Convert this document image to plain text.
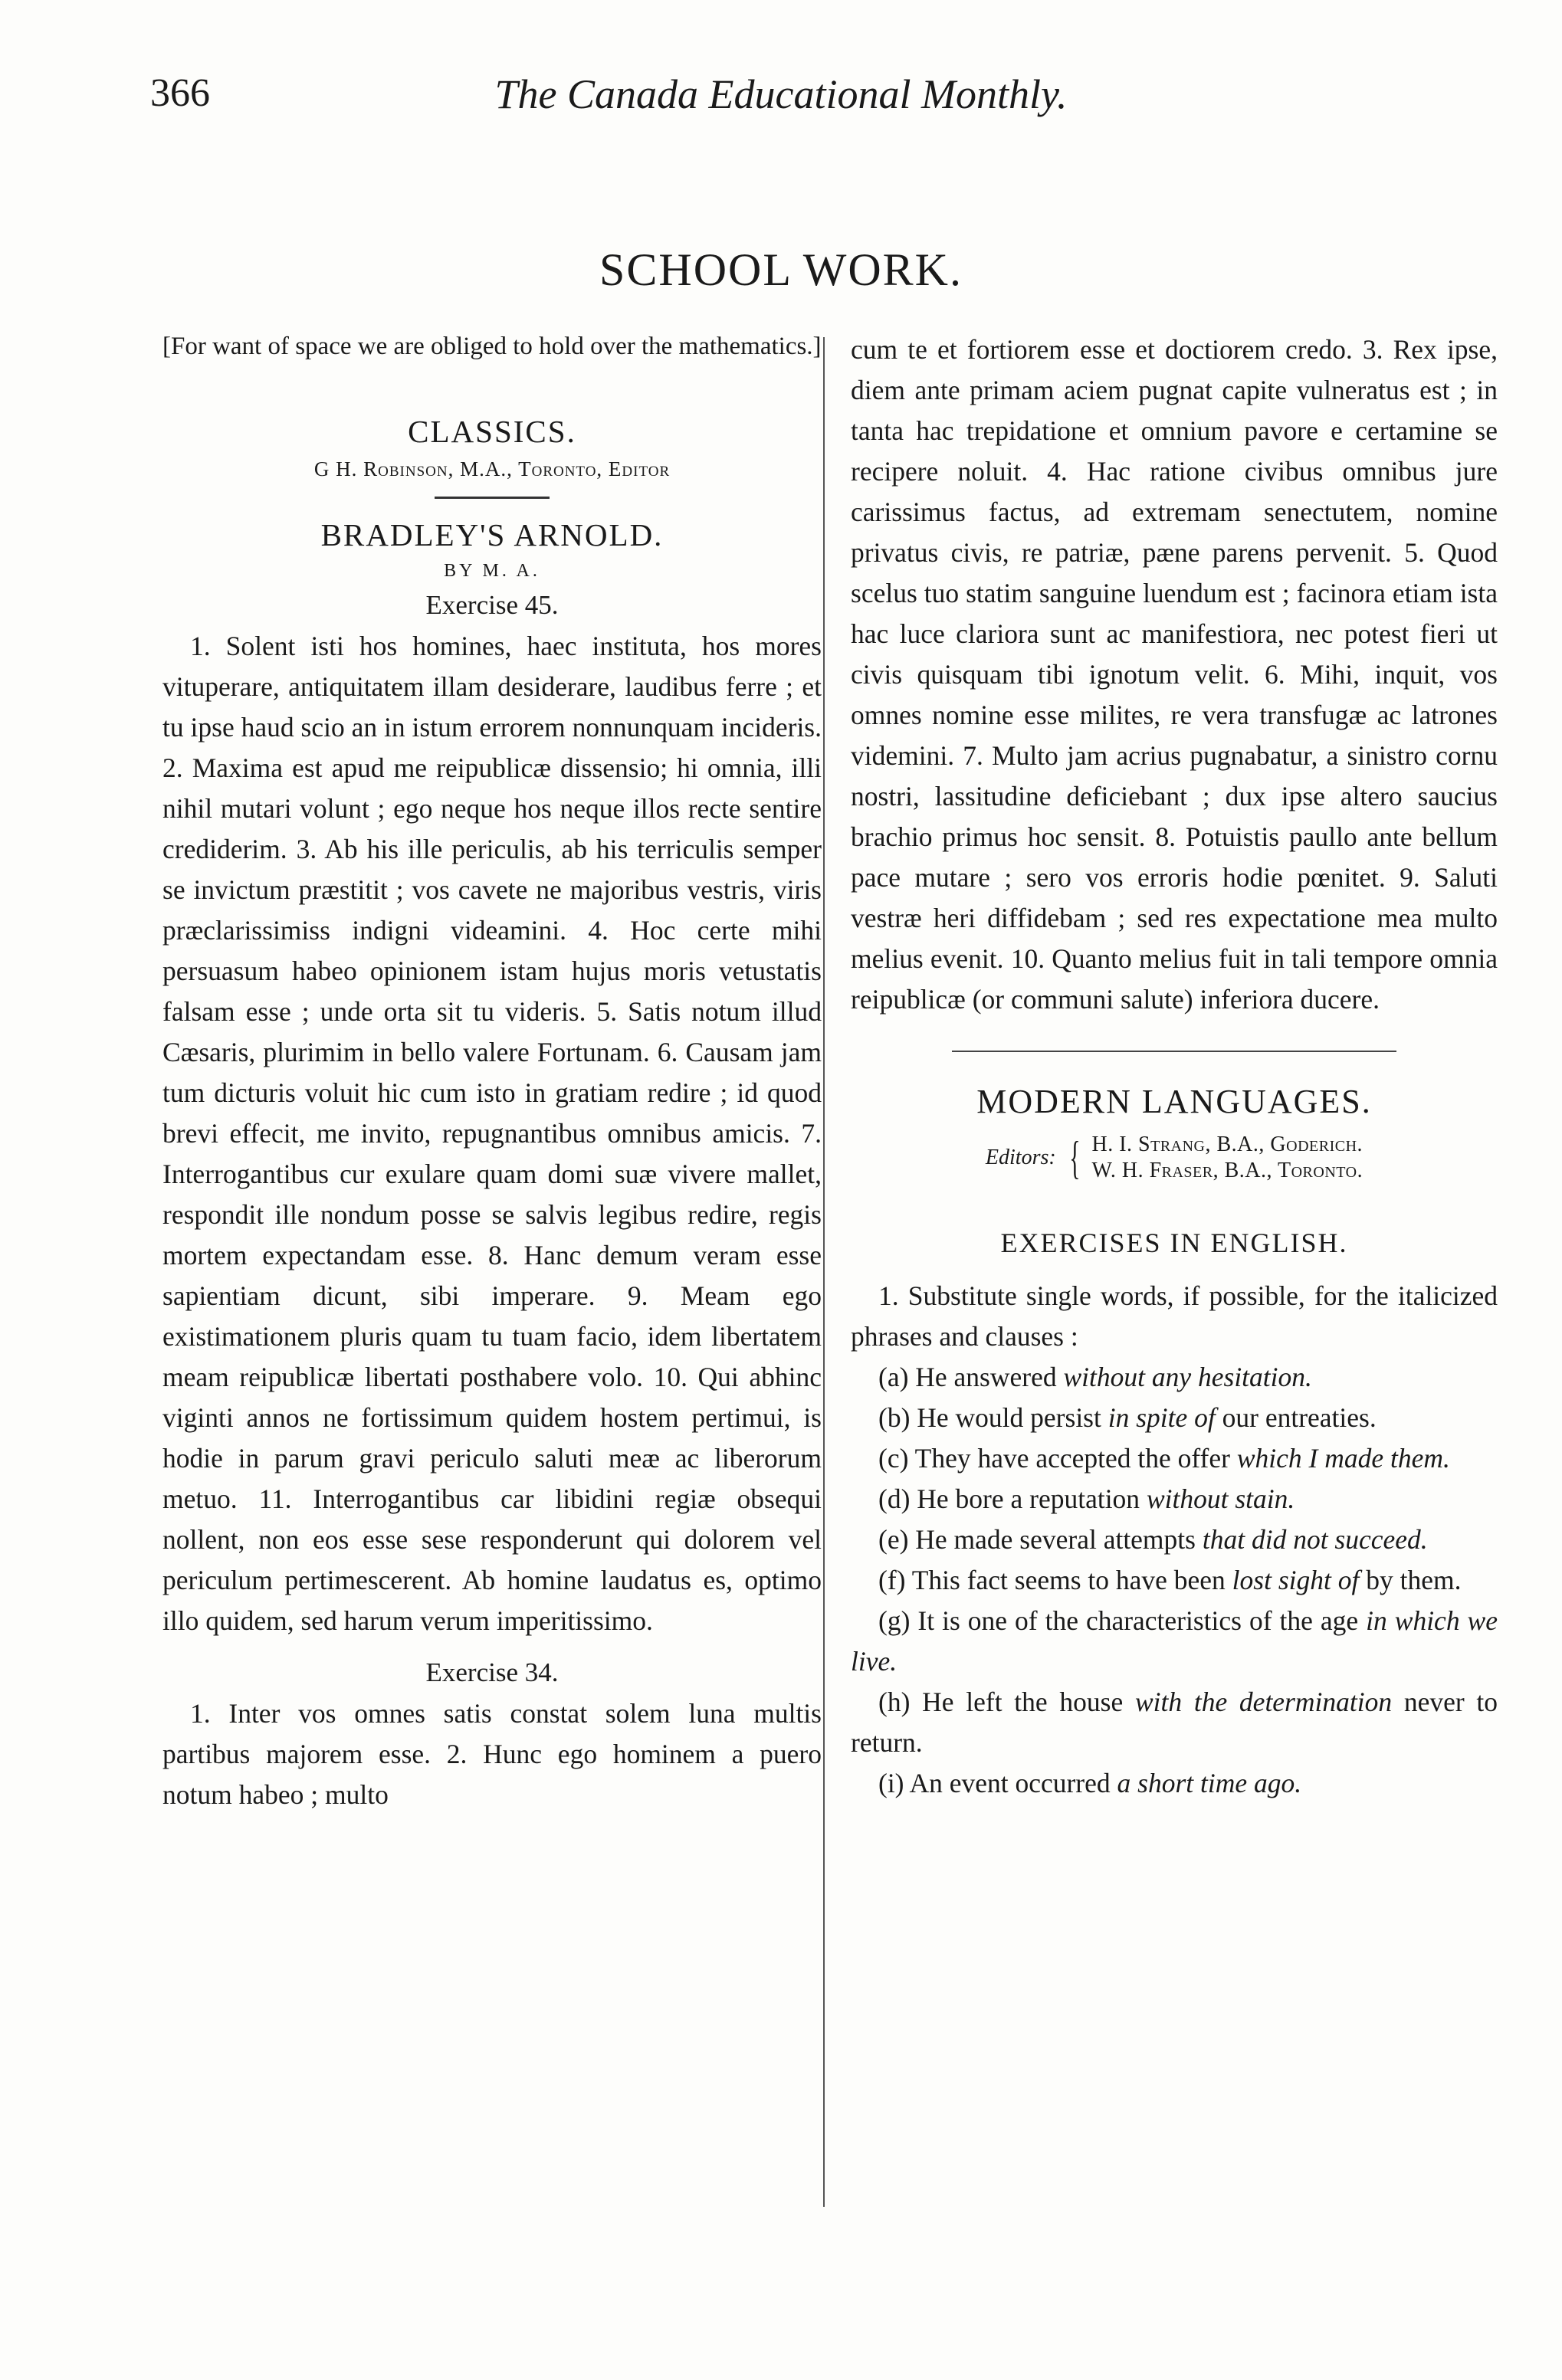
The Canada Educational Monthly.
366
SCHOOL WORK.

[For want of space we are obliged to hold over the mathematics.]

CLASSICS.

G H. Robinson, M.A., Toronto, Editor

BRADLEY'S ARNOLD.

BY M. A.

Exercise 45.

1. Solent isti hos homines, haec instituta, hos mores vituperare, antiquitatem illam desiderare, laudibus ferre ; et tu ipse haud scio an in istum errorem nonnunquam incideris. 2. Maxima est apud me reipublicæ dissensio; hi omnia, illi nihil mutari volunt ; ego neque hos neque illos recte sentire crediderim. 3. Ab his ille periculis, ab his terriculis semper se invictum præstitit ; vos cavete ne majoribus vestris, viris præclarissimiss indigni videamini. 4. Hoc certe mihi persuasum habeo opinionem istam hujus moris vetustatis falsam esse ; unde orta sit tu videris. 5. Satis notum illud Cæsaris, plurimim in bello valere Fortunam. 6. Causam jam tum dicturis voluit hic cum isto in gratiam redire ; id quod brevi effecit, me invito, repugnantibus omnibus amicis. 7. Interrogantibus cur exulare quam domi suæ vivere mallet, respondit ille nondum posse se salvis legibus redire, regis mortem expectandam esse. 8. Hanc demum veram esse sapientiam dicunt, sibi imperare. 9. Meam ego existimationem pluris quam tu tuam facio, idem libertatem meam reipublicæ libertati posthabere volo. 10. Qui abhinc viginti annos ne fortissimum quidem hostem pertimui, is hodie in parum gravi periculo saluti meæ ac liberorum metuo. 11. Interrogantibus car libidini regiæ obsequi nollent, non eos esse sese responderunt qui dolorem vel periculum pertimescerent. Ab homine laudatus es, optimo illo quidem, sed harum verum imperitissimo.

Exercise 34.

1. Inter vos omnes satis constat solem luna multis partibus majorem esse. 2. Hunc ego hominem a puero notum habeo ; multo

cum te et fortiorem esse et doctiorem credo. 3. Rex ipse, diem ante primam aciem pugnat capite vulneratus est ; in tanta hac trepidatione et omnium pavore e certamine se recipere noluit. 4. Hac ratione civibus omnibus jure carissimus factus, ad extremam senectutem, nomine privatus civis, re patriæ, pæne parens pervenit. 5. Quod scelus tuo statim sanguine luendum est ; facinora etiam ista hac luce clariora sunt ac manifestiora, nec potest fieri ut civis quisquam tibi ignotum velit. 6. Mihi, inquit, vos omnes nomine esse milites, re vera transfugæ ac latrones videmini. 7. Multo jam acrius pugnabatur, a sinistro cornu nostri, lassitudine deficiebant ; dux ipse altero saucius brachio primus hoc sensit. 8. Potuistis paullo ante bellum pace mutare ; sero vos erroris hodie pœnitet. 9. Saluti vestræ heri diffidebam ; sed res expectatione mea multo melius evenit. 10. Quanto melius fuit in tali tempore omnia reipublicæ (or communi salute) inferiora ducere.

MODERN LANGUAGES.

Editors: { H. I. Strang, B.A., Goderich.
W. H. Fraser, B.A., Toronto.

EXERCISES IN ENGLISH.

1. Substitute single words, if possible, for the italicized phrases and clauses :

(a) He answered without any hesitation.

(b) He would persist in spite of our entreaties.

(c) They have accepted the offer which I made them.

(d) He bore a reputation without stain.

(e) He made several attempts that did not succeed.

(f) This fact seems to have been lost sight of by them.

(g) It is one of the characteristics of the age in which we live.

(h) He left the house with the determination never to return.

(i) An event occurred a short time ago.
